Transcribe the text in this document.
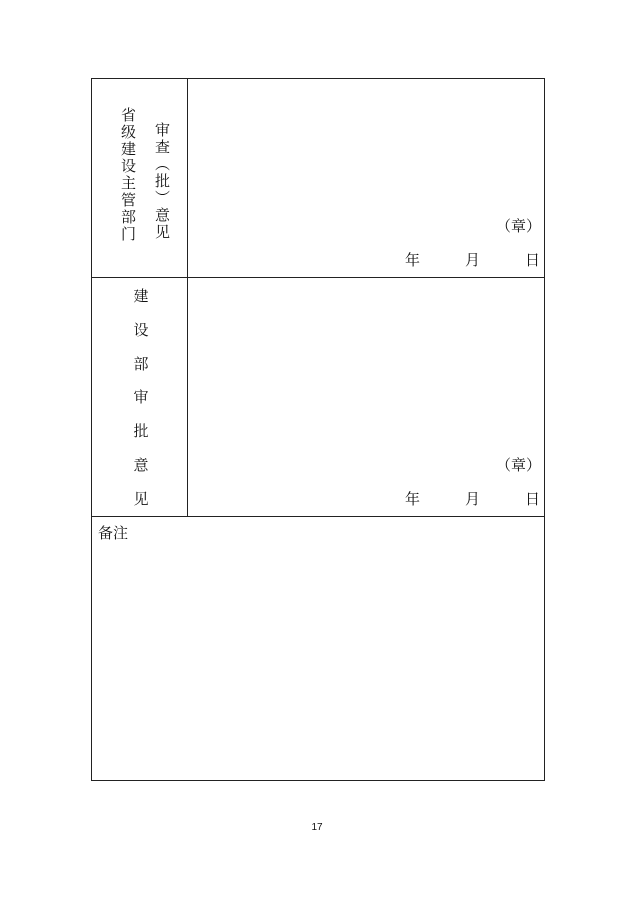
省级建设主管部门 审查（批）意见	（章）
年	月	日
建
设
部
审
批
意
见
（章）
年	月	日
备注
17
